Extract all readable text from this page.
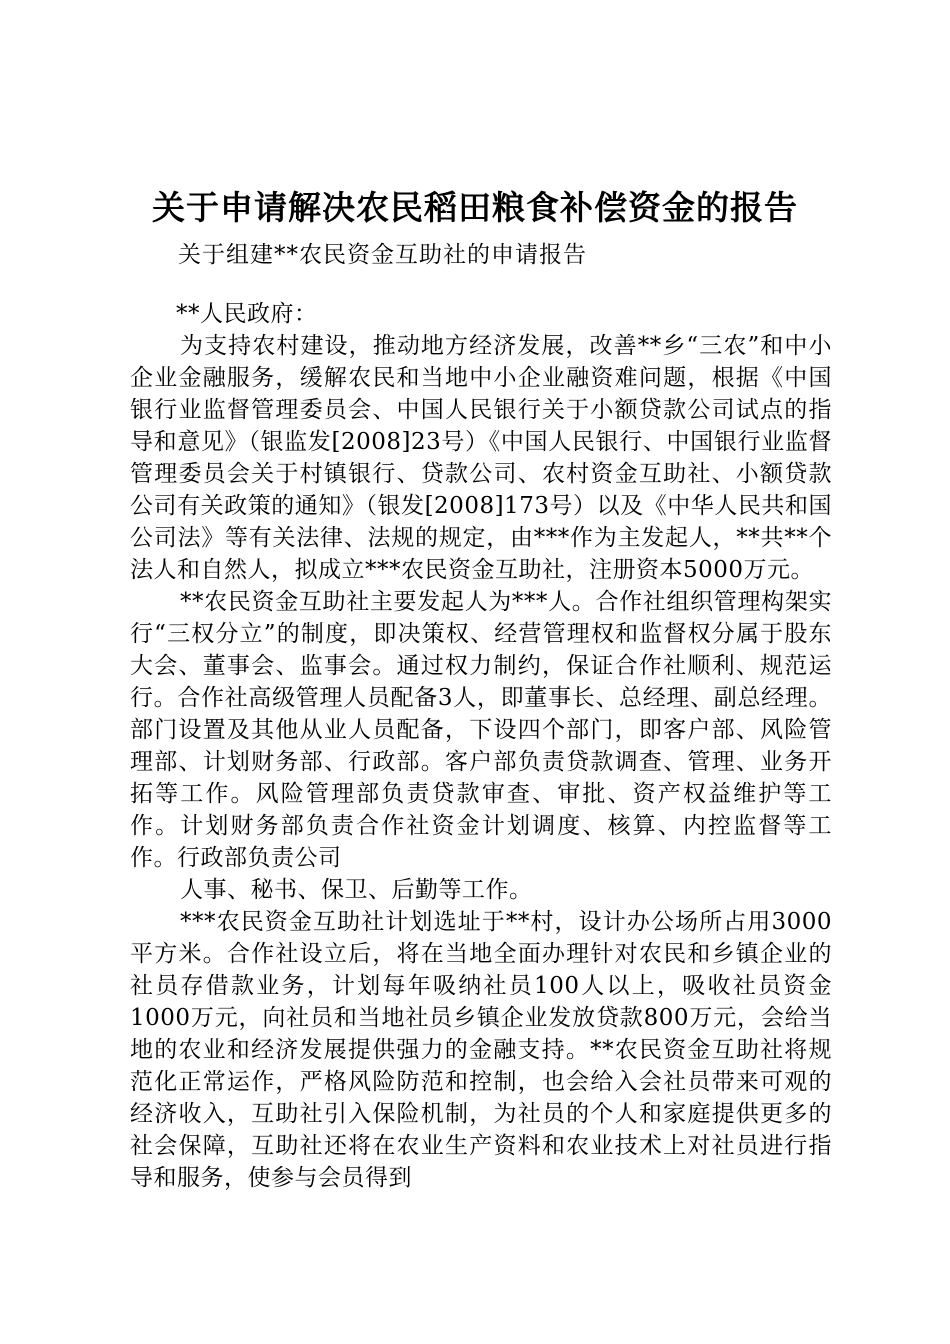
关于申请解决农民稻田粮食补偿资金的报告
关于组建**农民资金互助社的申请报告

**人民政府：

为支持农村建设，推动地方经济发展，改善**乡“三农”和中小企业金融服务，缓解农民和当地中小企业融资难问题，根据《中国银行业监督管理委员会、中国人民银行关于小额贷款公司试点的指导和意见》（银监发[2008]23号）《中国人民银行、中国银行业监督管理委员会关于村镇银行、贷款公司、农村资金互助社、小额贷款公司有关政策的通知》（银发[2008]173号）以及《中华人民共和国公司法》等有关法律、法规的规定，由***作为主发起人，**共**个法人和自然人，拟成立***农民资金互助社，注册资本5000万元。

**农民资金互助社主要发起人为***人。合作社组织管理构架实行“三权分立”的制度，即决策权、经营管理权和监督权分属于股东大会、董事会、监事会。通过权力制约，保证合作社顺利、规范运行。合作社高级管理人员配备3人，即董事长、总经理、副总经理。部门设置及其他从业人员配备，下设四个部门，即客户部、风险管理部、计划财务部、行政部。客户部负责贷款调查、管理、业务开拓等工作。风险管理部负责贷款审查、审批、资产权益维护等工作。计划财务部负责合作社资金计划调度、核算、内控监督等工作。行政部负责公司

人事、秘书、保卫、后勤等工作。

***农民资金互助社计划选址于**村，设计办公场所占用3000平方米。合作社设立后，将在当地全面办理针对农民和乡镇企业的社员存借款业务，计划每年吸纳社员100人以上，吸收社员资金1000万元，向社员和当地社员乡镇企业发放贷款800万元，会给当地的农业和经济发展提供强力的金融支持。**农民资金互助社将规范化正常运作，严格风险防范和控制，也会给入会社员带来可观的经济收入，互助社引入保险机制，为社员的个人和家庭提供更多的社会保障，互助社还将在农业生产资料和农业技术上对社员进行指导和服务，使参与会员得到
